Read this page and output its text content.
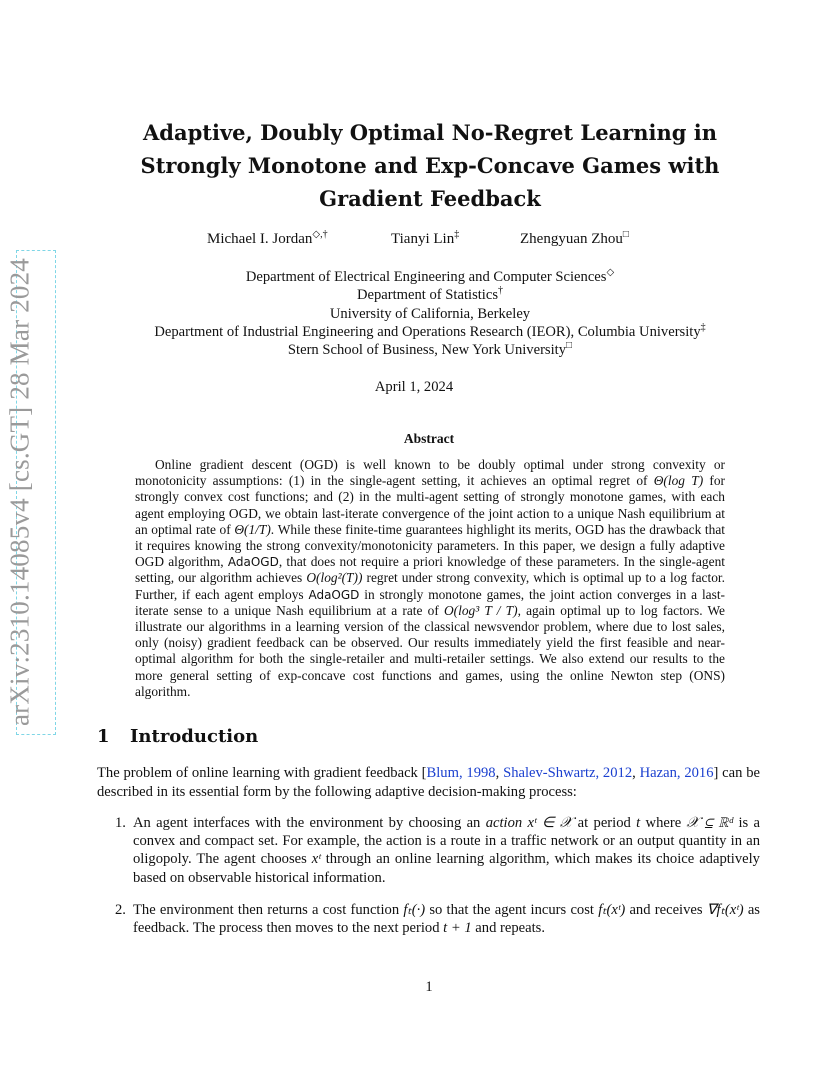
arXiv:2310.14085v4 [cs.GT] 28 Mar 2024
Adaptive, Doubly Optimal No-Regret Learning in Strongly Monotone and Exp-Concave Games with Gradient Feedback
Michael I. Jordan◇,†	Tianyi Lin‡	Zhengyuan Zhou□
Department of Electrical Engineering and Computer Sciences◇
Department of Statistics†
University of California, Berkeley
Department of Industrial Engineering and Operations Research (IEOR), Columbia University‡
Stern School of Business, New York University□
April 1, 2024
Abstract

Online gradient descent (OGD) is well known to be doubly optimal under strong convexity or monotonicity assumptions: (1) in the single-agent setting, it achieves an optimal regret of Θ(log T) for strongly convex cost functions; and (2) in the multi-agent setting of strongly monotone games, with each agent employing OGD, we obtain last-iterate convergence of the joint action to a unique Nash equilibrium at an optimal rate of Θ(1/T). While these finite-time guarantees highlight its merits, OGD has the drawback that it requires knowing the strong convexity/monotonicity parameters. In this paper, we design a fully adaptive OGD algorithm, AdaOGD, that does not require a priori knowledge of these parameters. In the single-agent setting, our algorithm achieves O(log²(T)) regret under strong convexity, which is optimal up to a log factor. Further, if each agent employs AdaOGD in strongly monotone games, the joint action converges in a last-iterate sense to a unique Nash equilibrium at a rate of O(log³ T / T), again optimal up to log factors. We illustrate our algorithms in a learning version of the classical newsvendor problem, where due to lost sales, only (noisy) gradient feedback can be observed. Our results immediately yield the first feasible and near-optimal algorithm for both the single-retailer and multi-retailer settings. We also extend our results to the more general setting of exp-concave cost functions and games, using the online Newton step (ONS) algorithm.

1 Introduction

The problem of online learning with gradient feedback [Blum, 1998, Shalev-Shwartz, 2012, Hazan, 2016] can be described in its essential form by the following adaptive decision-making process:

1. An agent interfaces with the environment by choosing an action xᵗ ∈ 𝒳 at period t where 𝒳 ⊆ ℝᵈ is a convex and compact set. For example, the action is a route in a traffic network or an output quantity in an oligopoly. The agent chooses xᵗ through an online learning algorithm, which makes its choice adaptively based on observable historical information.
2. The environment then returns a cost function fₜ(·) so that the agent incurs cost fₜ(xᵗ) and receives ∇fₜ(xᵗ) as feedback. The process then moves to the next period t + 1 and repeats.
1
